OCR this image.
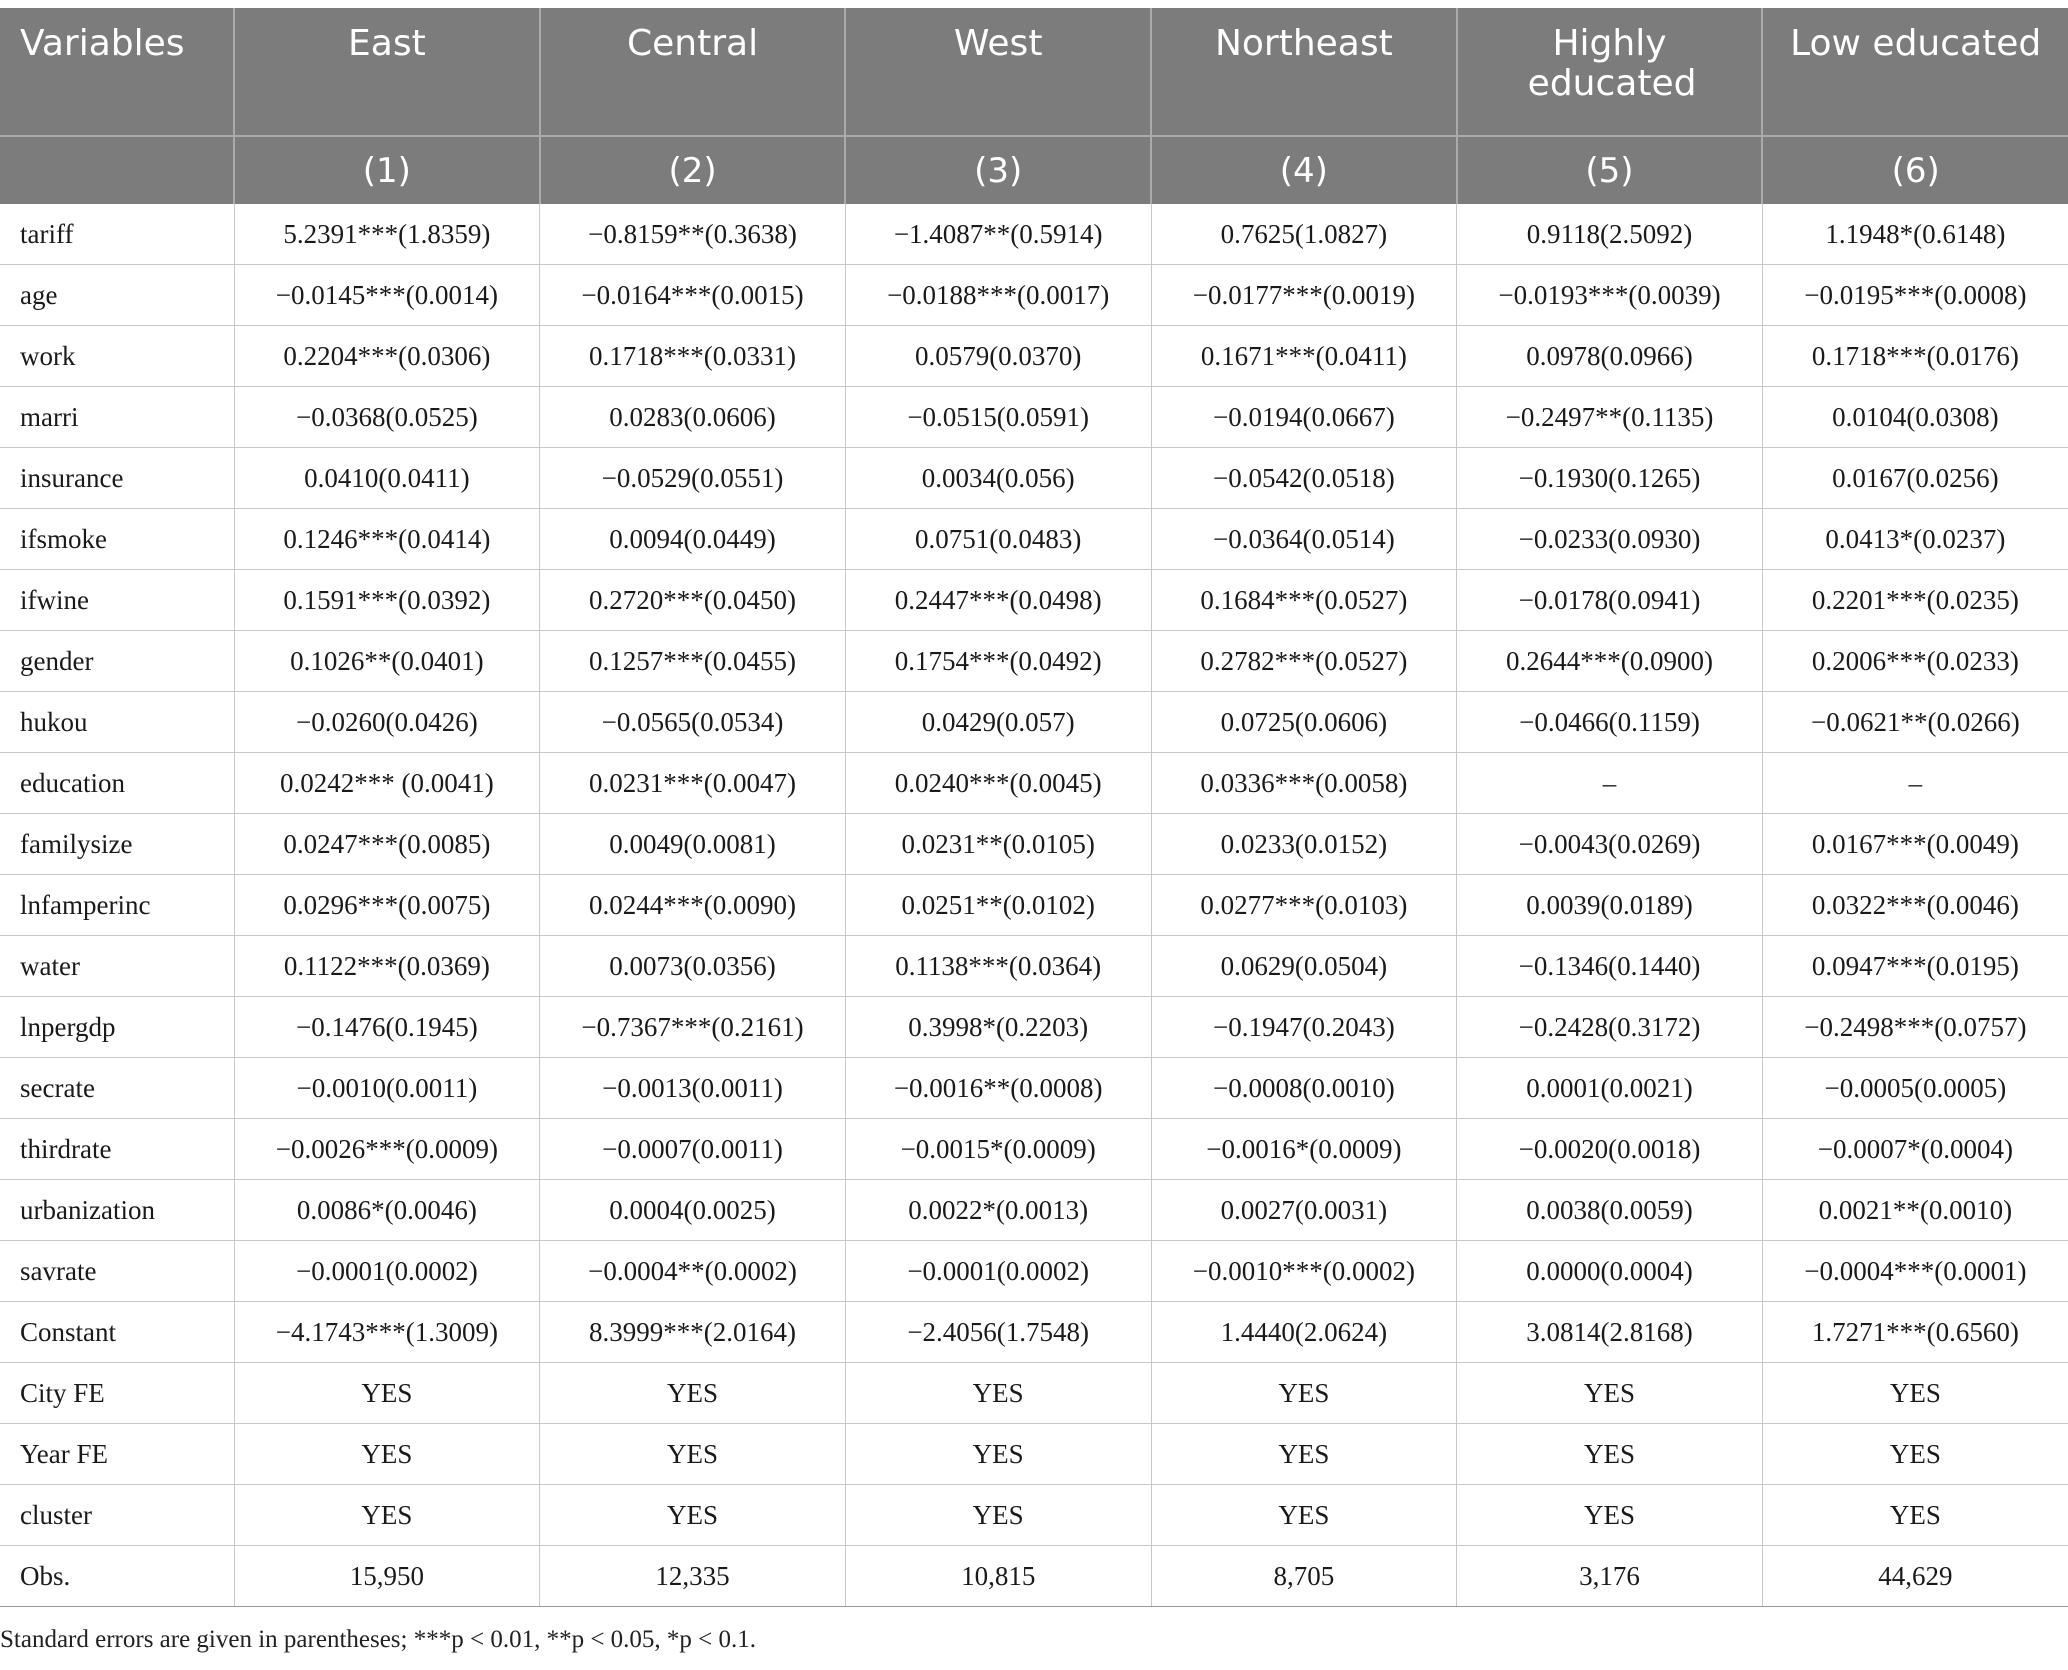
Variables	East	Central	West	Northeast	Highly educated	Low educated
	(1)	(2)	(3)	(4)	(5)	(6)
tariff	5.2391***(1.8359)	−0.8159**(0.3638)	−1.4087**(0.5914)	0.7625(1.0827)	0.9118(2.5092)	1.1948*(0.6148)
age	−0.0145***(0.0014)	−0.0164***(0.0015)	−0.0188***(0.0017)	−0.0177***(0.0019)	−0.0193***(0.0039)	−0.0195***(0.0008)
work	0.2204***(0.0306)	0.1718***(0.0331)	0.0579(0.0370)	0.1671***(0.0411)	0.0978(0.0966)	0.1718***(0.0176)
marri	−0.0368(0.0525)	0.0283(0.0606)	−0.0515(0.0591)	−0.0194(0.0667)	−0.2497**(0.1135)	0.0104(0.0308)
insurance	0.0410(0.0411)	−0.0529(0.0551)	0.0034(0.056)	−0.0542(0.0518)	−0.1930(0.1265)	0.0167(0.0256)
ifsmoke	0.1246***(0.0414)	0.0094(0.0449)	0.0751(0.0483)	−0.0364(0.0514)	−0.0233(0.0930)	0.0413*(0.0237)
ifwine	0.1591***(0.0392)	0.2720***(0.0450)	0.2447***(0.0498)	0.1684***(0.0527)	−0.0178(0.0941)	0.2201***(0.0235)
gender	0.1026**(0.0401)	0.1257***(0.0455)	0.1754***(0.0492)	0.2782***(0.0527)	0.2644***(0.0900)	0.2006***(0.0233)
hukou	−0.0260(0.0426)	−0.0565(0.0534)	0.0429(0.057)	0.0725(0.0606)	−0.0466(0.1159)	−0.0621**(0.0266)
education	0.0242*** (0.0041)	0.0231***(0.0047)	0.0240***(0.0045)	0.0336***(0.0058)	–	–
familysize	0.0247***(0.0085)	0.0049(0.0081)	0.0231**(0.0105)	0.0233(0.0152)	−0.0043(0.0269)	0.0167***(0.0049)
lnfamperinc	0.0296***(0.0075)	0.0244***(0.0090)	0.0251**(0.0102)	0.0277***(0.0103)	0.0039(0.0189)	0.0322***(0.0046)
water	0.1122***(0.0369)	0.0073(0.0356)	0.1138***(0.0364)	0.0629(0.0504)	−0.1346(0.1440)	0.0947***(0.0195)
lnpergdp	−0.1476(0.1945)	−0.7367***(0.2161)	0.3998*(0.2203)	−0.1947(0.2043)	−0.2428(0.3172)	−0.2498***(0.0757)
secrate	−0.0010(0.0011)	−0.0013(0.0011)	−0.0016**(0.0008)	−0.0008(0.0010)	0.0001(0.0021)	−0.0005(0.0005)
thirdrate	−0.0026***(0.0009)	−0.0007(0.0011)	−0.0015*(0.0009)	−0.0016*(0.0009)	−0.0020(0.0018)	−0.0007*(0.0004)
urbanization	0.0086*(0.0046)	0.0004(0.0025)	0.0022*(0.0013)	0.0027(0.0031)	0.0038(0.0059)	0.0021**(0.0010)
savrate	−0.0001(0.0002)	−0.0004**(0.0002)	−0.0001(0.0002)	−0.0010***(0.0002)	0.0000(0.0004)	−0.0004***(0.0001)
Constant	−4.1743***(1.3009)	8.3999***(2.0164)	−2.4056(1.7548)	1.4440(2.0624)	3.0814(2.8168)	1.7271***(0.6560)
City FE	YES	YES	YES	YES	YES	YES
Year FE	YES	YES	YES	YES	YES	YES
cluster	YES	YES	YES	YES	YES	YES
Obs.	15,950	12,335	10,815	8,705	3,176	44,629
Standard errors are given in parentheses; ***p < 0.01, **p < 0.05, *p < 0.1.
